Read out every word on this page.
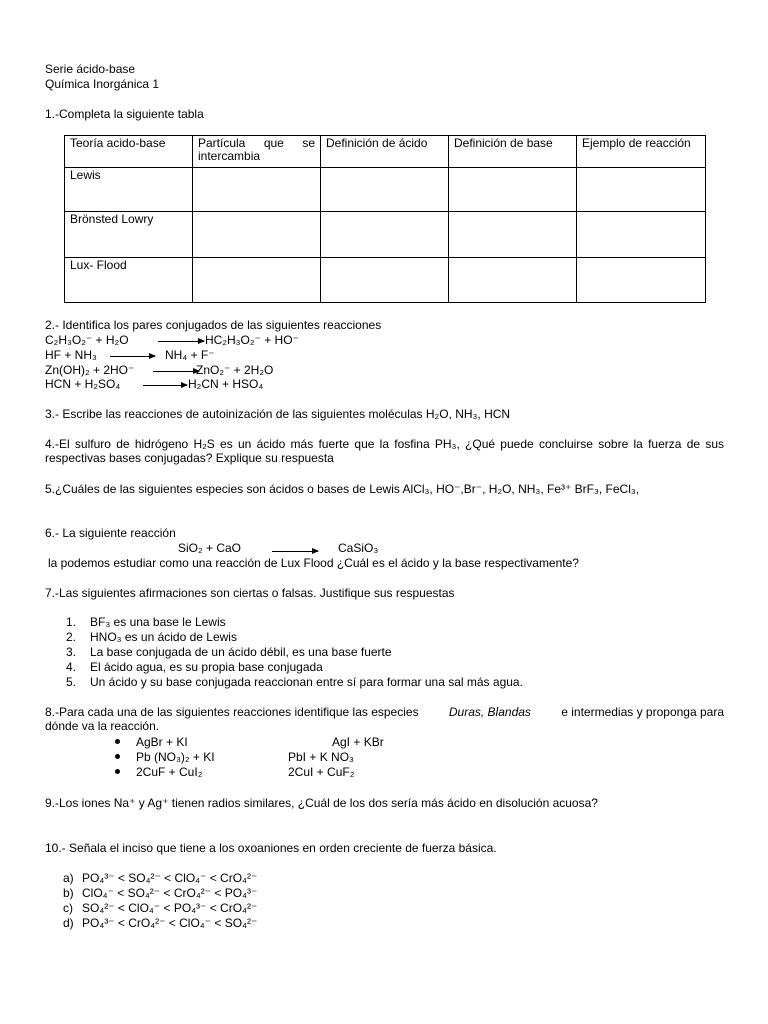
Serie ácido-base
Química Inorgánica 1
1.-Completa la siguiente tabla
Teoría acido-base	Partícula que se intercambia	Definición de ácido	Definición de base	Ejemplo de reacción
Lewis				
Brönsted Lowry				
Lux- Flood				
2.- Identifica los pares conjugados de las siguientes reacciones
C₂H₃O₂⁻ + H₂O	HC₂H₃O₂⁻ + HO⁻
HF + NH₃	NH₄ + F⁻
Zn(OH)₂ + 2HO⁻	ZnO₂⁻ + 2H₂O
HCN + H₂SO₄	H₂CN + HSO₄
3.- Escribe las reacciones de autoinización de las siguientes moléculas H₂O, NH₃, HCN
4.-El sulfuro de hidrógeno H₂S es un ácido más fuerte que la fosfina PH₃, ¿Qué puede concluirse sobre la fuerza de sus respectivas bases conjugadas? Explique su respuesta
5.¿Cuáles de las siguientes especies son ácidos o bases de Lewis AlCl₃, HO⁻,Br⁻, H₂O, NH₃, Fe³⁺ BrF₃, FeCl₃,
6.- La siguiente reacción
SiO₂ + CaO	CaSiO₃
la podemos estudiar como una reacción de Lux Flood ¿Cuál es el ácido y la base respectivamente?
7.-Las siguientes afirmaciones son ciertas o falsas. Justifique sus respuestas
1. BF₃ es una base le Lewis
2. HNO₃ es un ácido de Lewis
3. La base conjugada de un ácido débil, es una base fuerte
4. El ácido agua, es su propia base conjugada
5. Un ácido y su base conjugada reaccionan entre sí para formar una sal más agua.
8.-Para cada una de las siguientes reacciones identifique las especies	Duras, Blandas	e intermedias y proponga para
dónde va la reacción.
AgBr + KI	AgI + KBr
Pb (NO₃)₂ + KI	PbI + K NO₃
2CuF + CuI₂	2CuI + CuF₂
9.-Los iones Na⁺ y Ag⁺ tienen radios similares, ¿Cuál de los dos sería más ácido en disolución acuosa?
10.- Señala el inciso que tiene a los oxoaniones en orden creciente de fuerza básica.
a) PO₄³⁻ < SO₄²⁻ < ClO₄⁻ < CrO₄²⁻
b) ClO₄⁻ < SO₄²⁻ < CrO₄²⁻ < PO₄³⁻
c) SO₄²⁻ < ClO₄⁻ < PO₄³⁻ < CrO₄²⁻
d) PO₄³⁻ < CrO₄²⁻ < ClO₄⁻ < SO₄²⁻
